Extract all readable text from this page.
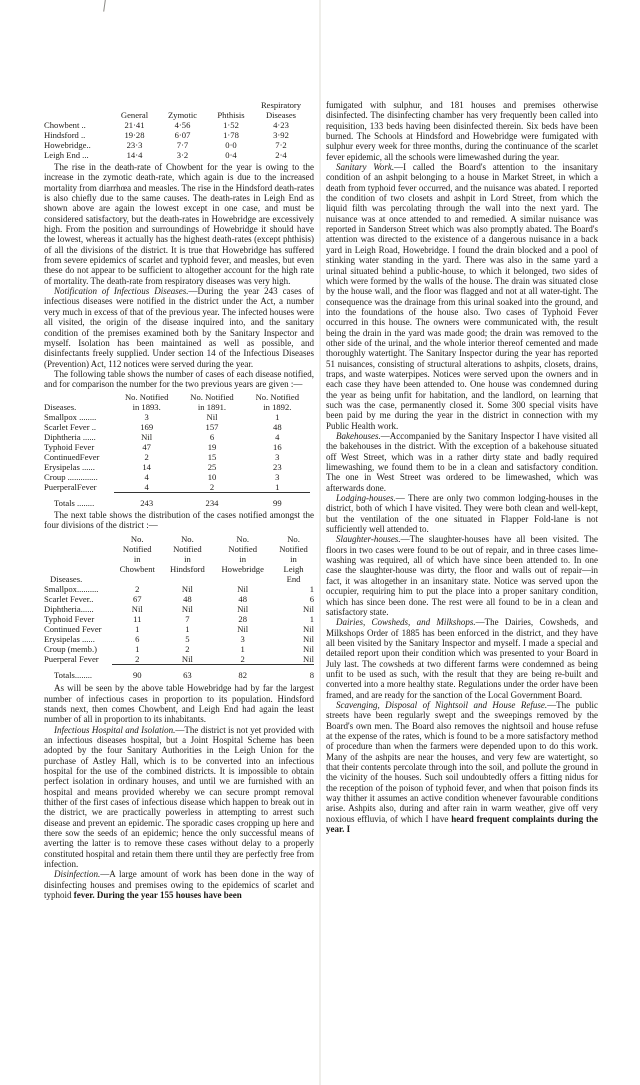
				Respiratory Diseases
	General	Zymotic	Phthisis	
Chowbent ..	21·41	4·56	1·52	4·23
Hindsford ..	19·28	6·07	1·78	3·92
Howebridge..	23·3	7·7	0·0	7·2
Leigh End ...	14·4	3·2	0·4	2·4

The rise in the death-rate of Chowbent for the year is owing to the increase in the zymotic death-rate, which again is due to the increased mortality from diarrhœa and measles. The rise in the Hindsford death-rates is also chiefly due to the same causes. The death-rates in Leigh End as shown above are again the lowest except in one case, and must be considered satisfactory, but the death-rates in Howebridge are excessively high. From the position and surroundings of Howebridge it should have the lowest, whereas it actually has the highest death-rates (except phthisis) of all the divisions of the district. It is true that Howebridge has suffered from severe epidemics of scarlet and typhoid fever, and measles, but even these do not appear to be sufficient to altogether account for the high rate of mortality. The death-rate from respiratory diseases was very high.

Notification of Infectious Diseases.—During the year 243 cases of infectious diseases were notified in the district under the Act, a number very much in excess of that of the previous year. The infected houses were all visited, the origin of the disease inquired into, and the sanitary condition of the premises examined both by the Sanitary Inspector and myself. Isolation has been maintained as well as possible, and disinfectants freely supplied. Under section 14 of the Infectious Diseases (Prevention) Act, 112 notices were served during the year.

The following table shows the number of cases of each disease notified, and for comparison the number for the two previous years are given :—

	No. Notified	No. Notified	No. Notified
Diseases.	in 1893.	in 1891.	in 1892.
Smallpox ........	3	Nil	1
Scarlet Fever ..	169	157	48
Diphtheria ......	Nil	6	4
Typhoid Fever	47	19	16
ContinuedFever	2	15	3
Erysipelas ......	14	25	23
Croup ..............	4	10	3
PuerperalFever	4	2	1

Totals ........	243	234	99

The next table shows the distribution of the cases notified amongst the four divisions of the district :—

	No.	No.	No.	No.
	Notified	Notified	Notified	Notified
	in	in	in	in
	Chowbent	Hindsford	Howebridge	Leigh
Diseases.				End
Smallpox..........	2	Nil	Nil	1
Scarlet Fever..	67	48	48	6
Diphtheria......	Nil	Nil	Nil	Nil
Typhoid Fever	11	7	28	1
Continued Fever	1	1	Nil	Nil
Erysipelas ......	6	5	3	Nil
Croup (memb.)	1	2	1	Nil
Puerperal Fever	2	Nil	2	Nil

Totals........	90	63	82	8

As will be seen by the above table Howebridge had by far the largest number of infectious cases in proportion to its population. Hindsford stands next, then comes Chowbent, and Leigh End had again the least number of all in proportion to its inhabitants.

Infectious Hospital and Isolation.—The district is not yet provided with an infectious diseases hospital, but a Joint Hospital Scheme has been adopted by the four Sanitary Authorities in the Leigh Union for the purchase of Astley Hall, which is to be converted into an infectious hospital for the use of the combined districts. It is impossible to obtain perfect isolation in ordinary houses, and until we are furnished with an hospital and means provided whereby we can secure prompt removal thither of the first cases of infectious disease which happen to break out in the district, we are practically powerless in attempting to arrest such disease and prevent an epidemic. The sporadic cases cropping up here and there sow the seeds of an epidemic; hence the only successful means of averting the latter is to remove these cases without delay to a properly constituted hospital and retain them there until they are perfectly free from infection.

Disinfection.—A large amount of work has been done in the way of disinfecting houses and premises owing to the epidemics of scarlet and typhoid fever. During the year 155 houses have been

fumigated with sulphur, and 181 houses and premises otherwise disinfected. The disinfecting chamber has very frequently been called into requisition, 133 beds having been disinfected therein. Six beds have been burned. The Schools at Hindsford and Howebridge were fumigated with sulphur every week for three months, during the continuance of the scarlet fever epidemic, all the schools were limewashed during the year.

Sanitary Work.—I called the Board's attention to the insanitary condition of an ashpit belonging to a house in Market Street, in which a death from typhoid fever occurred, and the nuisance was abated. I reported the condition of two closets and ashpit in Lord Street, from which the liquid filth was percolating through the wall into the next yard. The nuisance was at once attended to and remedied. A similar nuisance was reported in Sanderson Street which was also promptly abated. The Board's attention was directed to the existence of a dangerous nuisance in a back yard in Leigh Road, Howebridge. I found the drain blocked and a pool of stinking water standing in the yard. There was also in the same yard a urinal situated behind a public-house, to which it belonged, two sides of which were formed by the walls of the house. The drain was situated close by the house wall, and the floor was flagged and not at all water-tight. The consequence was the drainage from this urinal soaked into the ground, and into the foundations of the house also. Two cases of Typhoid Fever occurred in this house. The owners were communicated with, the result being the drain in the yard was made good; the drain was removed to the other side of the urinal, and the whole interior thereof cemented and made thoroughly watertight. The Sanitary Inspector during the year has reported 51 nuisances, consisting of structural alterations to ashpits, closets, drains, traps, and waste waterpipes. Notices were served upon the owners and in each case they have been attended to. One house was condemned during the year as being unfit for habitation, and the landlord, on learning that such was the case, permanently closed it. Some 300 special visits have been paid by me during the year in the district in connection with my Public Health work.

Bakehouses.—Accompanied by the Sanitary Inspector I have visited all the bakehouses in the district. With the exception of a bakehouse situated off West Street, which was in a rather dirty state and badly required limewashing, we found them to be in a clean and satisfactory condition. The one in West Street was ordered to be limewashed, which was afterwards done.

Lodging-houses.— There are only two common lodging-houses in the district, both of which I have visited. They were both clean and well-kept, but the ventilation of the one situated in Flapper Fold-lane is not sufficiently well attended to.

Slaughter-houses.—The slaughter-houses have all been visited. The floors in two cases were found to be out of repair, and in three cases lime-washing was required, all of which have since been attended to. In one case the slaughter-house was dirty, the floor and walls out of repair—in fact, it was altogether in an insanitary state. Notice was served upon the occupier, requiring him to put the place into a proper sanitary condition, which has since been done. The rest were all found to be in a clean and satisfactory state.

Dairies, Cowsheds, and Milkshops.—The Dairies, Cowsheds, and Milkshops Order of 1885 has been enforced in the district, and they have all been visited by the Sanitary Inspector and myself. I made a special and detailed report upon their condition which was presented to your Board in July last. The cowsheds at two different farms were condemned as being unfit to be used as such, with the result that they are being re-built and converted into a more healthy state. Regulations under the order have been framed, and are ready for the sanction of the Local Government Board.

Scavenging, Disposal of Nightsoil and House Refuse.—The public streets have been regularly swept and the sweepings removed by the Board's own men. The Board also removes the nightsoil and house refuse at the expense of the rates, which is found to be a more satisfactory method of procedure than when the farmers were depended upon to do this work. Many of the ashpits are near the houses, and very few are watertight, so that their contents percolate through into the soil, and pollute the ground in the vicinity of the houses. Such soil undoubtedly offers a fitting nidus for the reception of the poison of typhoid fever, and when that poison finds its way thither it assumes an active condition whenever favourable conditions arise. Ashpits also, during and after rain in warm weather, give off very noxious effluvia, of which I have heard frequent complaints during the year. I
